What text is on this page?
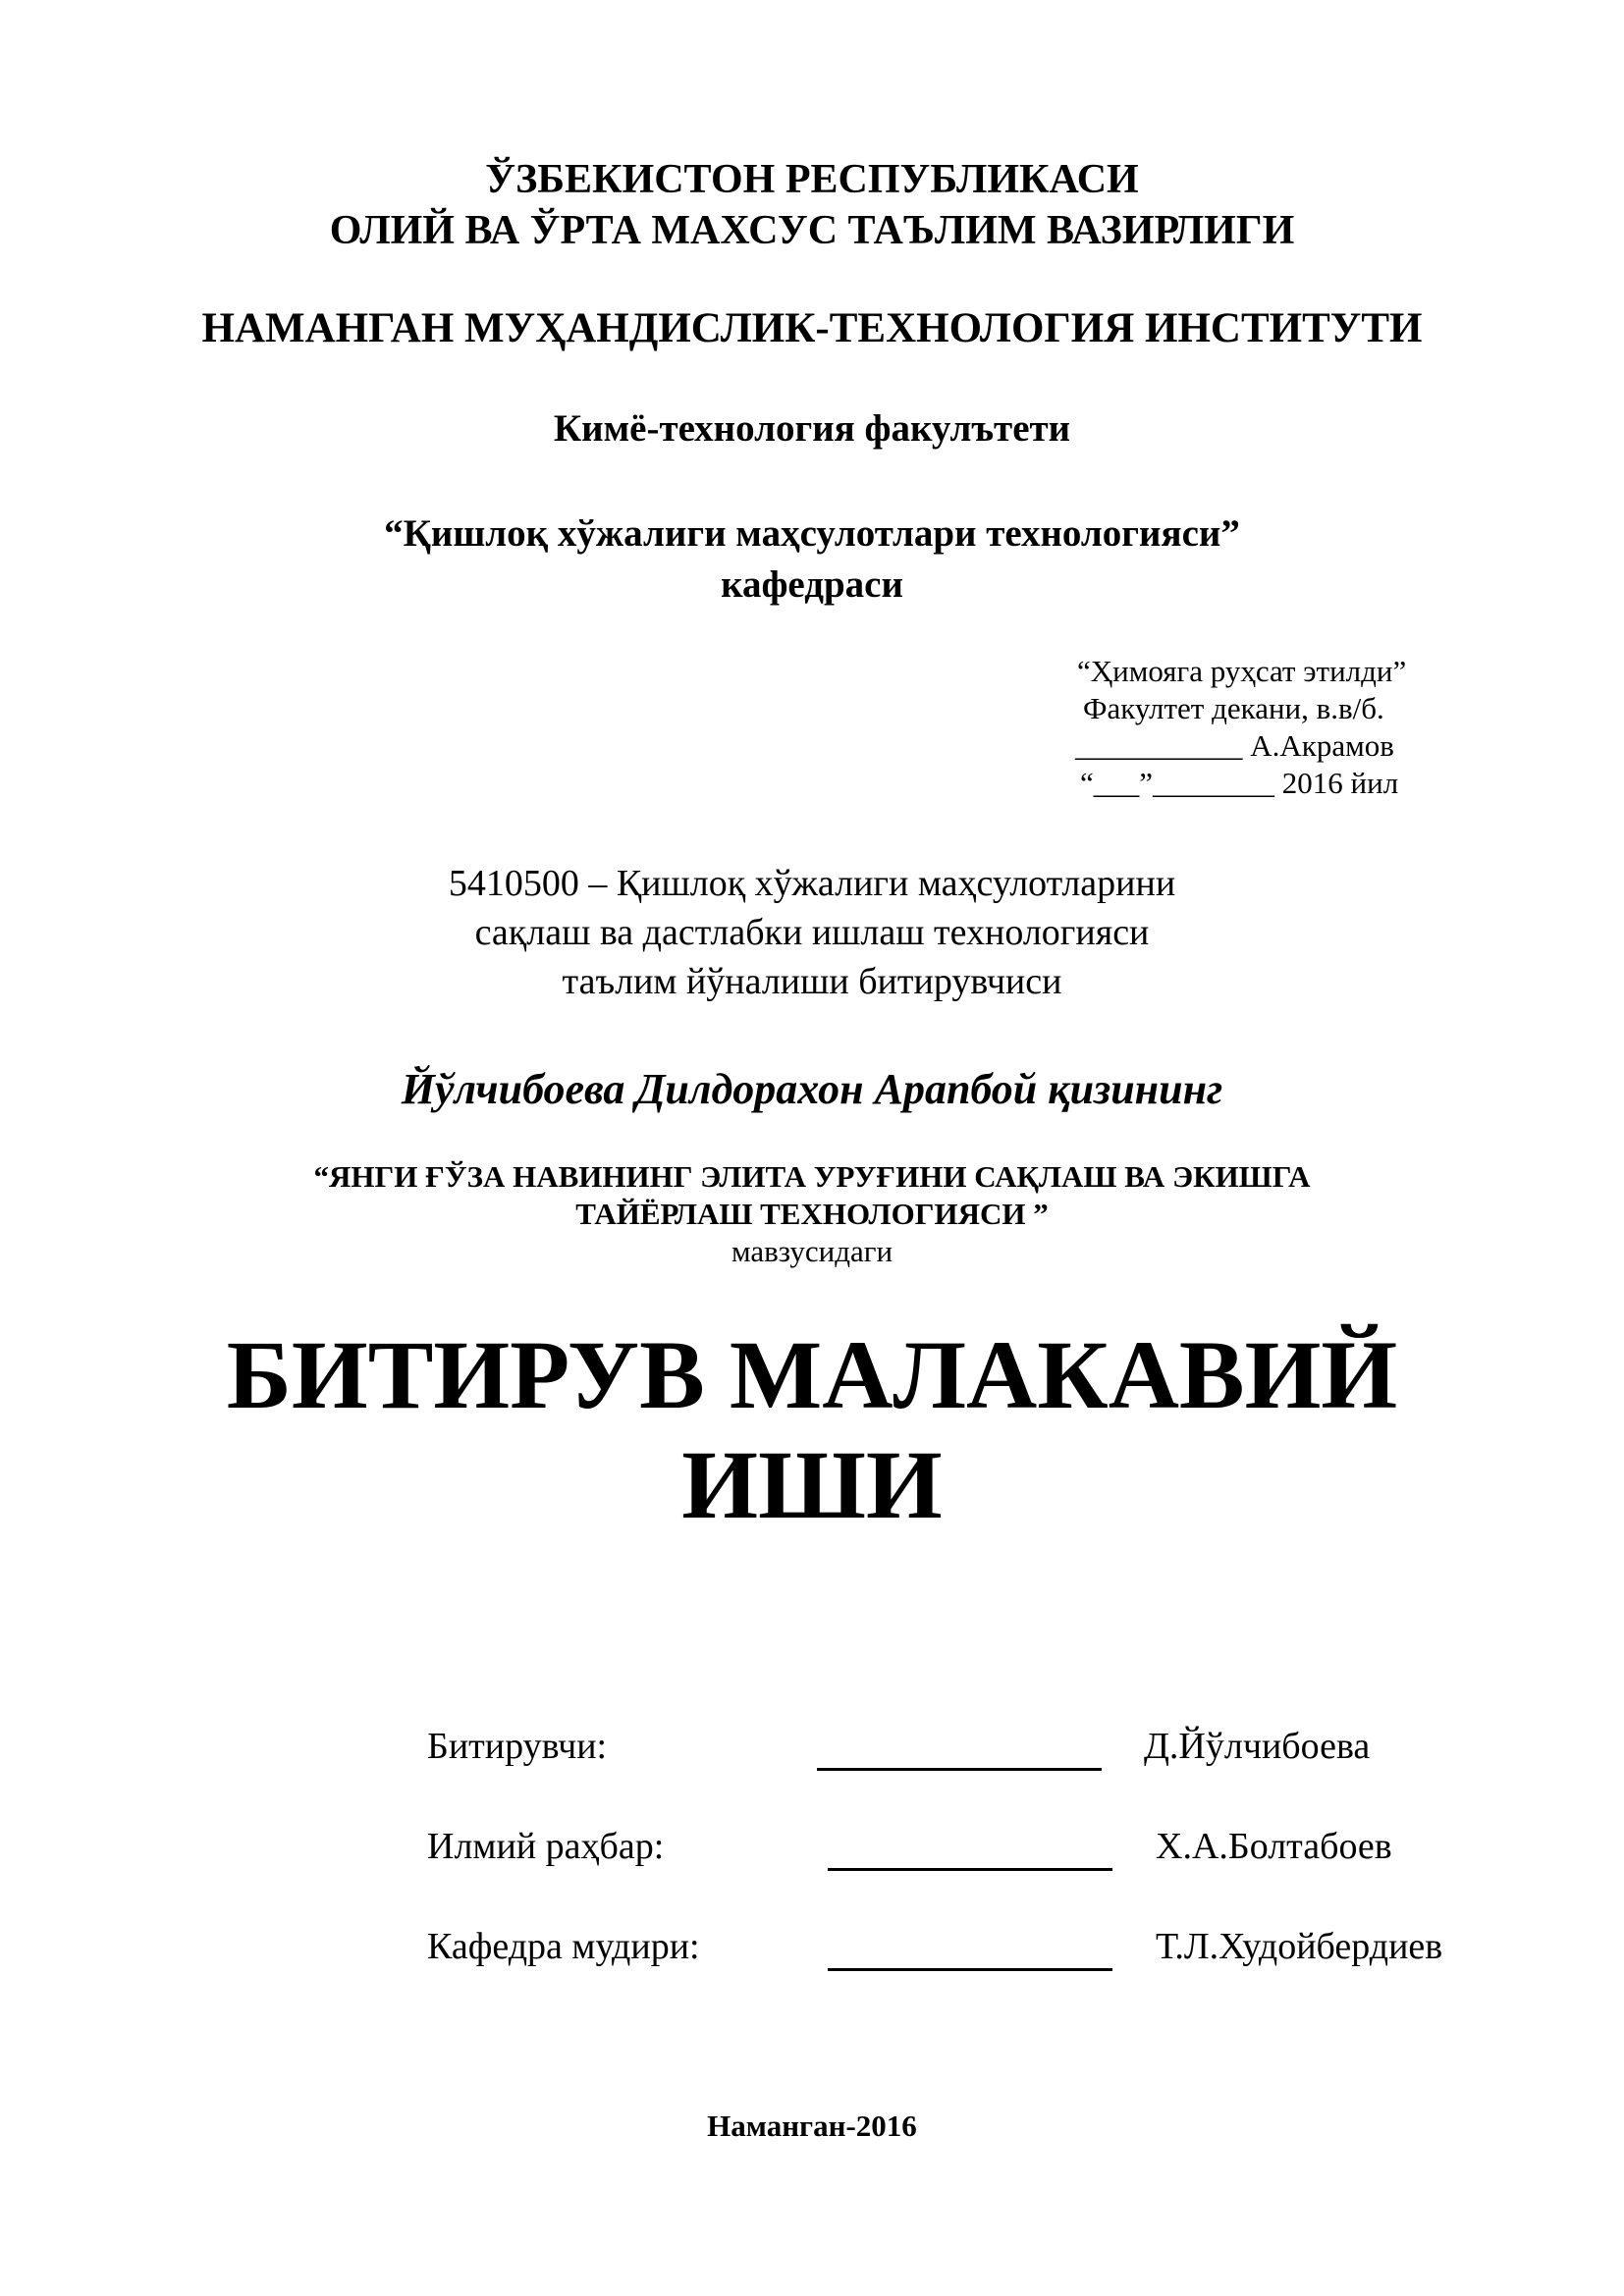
ЎЗБЕКИСТОН РЕСПУБЛИКАСИ
ОЛИЙ ВА ЎРТА МАХСУС ТАЪЛИМ ВАЗИРЛИГИ
НАМАНГАН МУҲАНДИСЛИК-ТЕХНОЛОГИЯ ИНСТИТУТИ
Кимё-технология факулътети
“Қишлоқ хўжалиги маҳсулотлари технологияси”
кафедраси
“Ҳимояга руҳсат этилди”
Факултет декани, в.в/б.
___________ А.Акрамов
“___”________ 2016 йил
5410500 – Қишлоқ хўжалиги маҳсулотларини
сақлаш ва дастлабки ишлаш технологияси
таълим йўналиши битирувчиси
Йўлчибоева Дилдорахон Арапбой қизининг
“ЯНГИ ҒЎЗА НАВИНИНГ ЭЛИТА УРУҒИНИ САҚЛАШ ВА ЭКИШГА
ТАЙЁРЛАШ ТЕХНОЛОГИЯСИ ”
мавзусидаги
БИТИРУВ МАЛАКАВИЙ
ИШИ
Битирувчи:	Д.Йўлчибоева
Илмий раҳбар:	Х.А.Болтабоев
Кафедра мудири:	Т.Л.Худойбердиев
Наманган-2016
